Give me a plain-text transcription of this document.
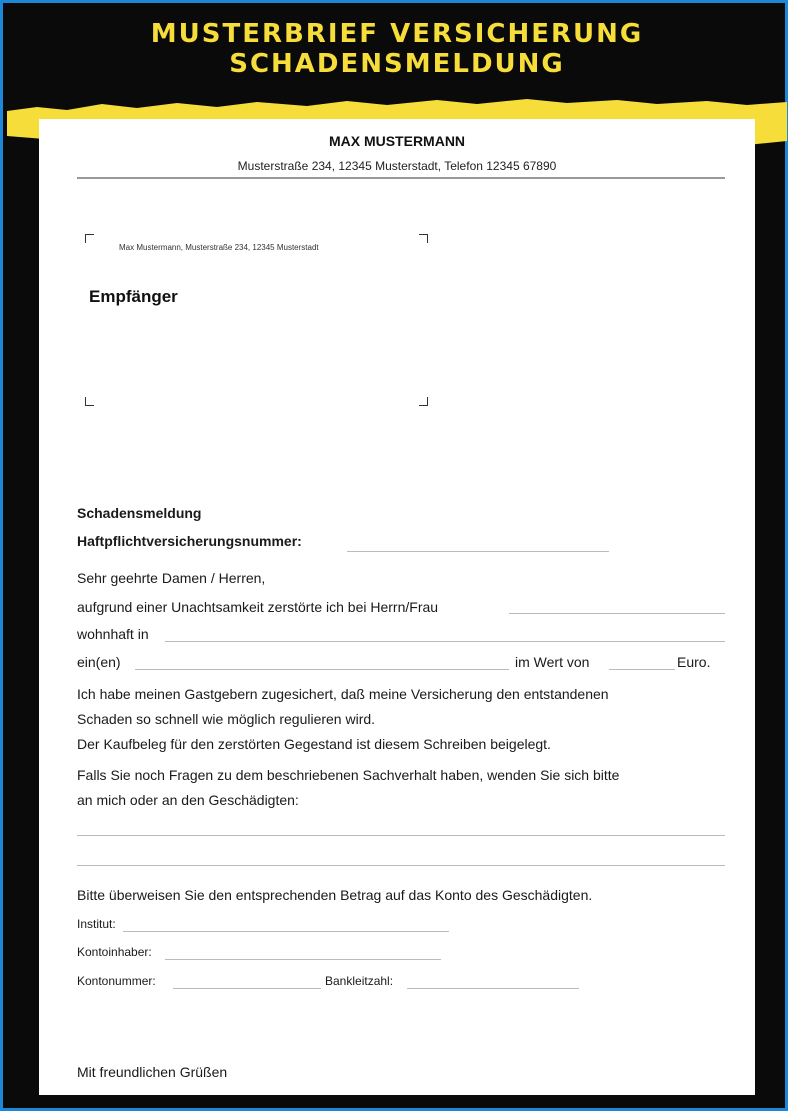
MUSTERBRIEF VERSICHERUNG
SCHADENSMELDUNG
MAX MUSTERMANN
Musterstraße 234, 12345 Musterstadt, Telefon 12345 67890
Max Mustermann, Musterstraße 234, 12345 Musterstadt
Empfänger
Schadensmeldung
Haftpflichtversicherungsnummer:
Sehr geehrte Damen / Herren,
aufgrund einer Unachtsamkeit zerstörte ich bei Herrn/Frau
wohnhaft in
ein(en)	im Wert von	Euro.
Ich habe meinen Gastgebern zugesichert, daß meine Versicherung den entstandenen
Schaden so schnell wie möglich regulieren wird.
Der Kaufbeleg für den zerstörten Gegestand ist diesem Schreiben beigelegt.
Falls Sie noch Fragen zu dem beschriebenen Sachverhalt haben, wenden Sie sich bitte
an mich oder an den Geschädigten:
Bitte überweisen Sie den entsprechenden Betrag auf das Konto des Geschädigten.
Institut:
Kontoinhaber:
Kontonummer:	Bankleitzahl:
Mit freundlichen Grüßen
